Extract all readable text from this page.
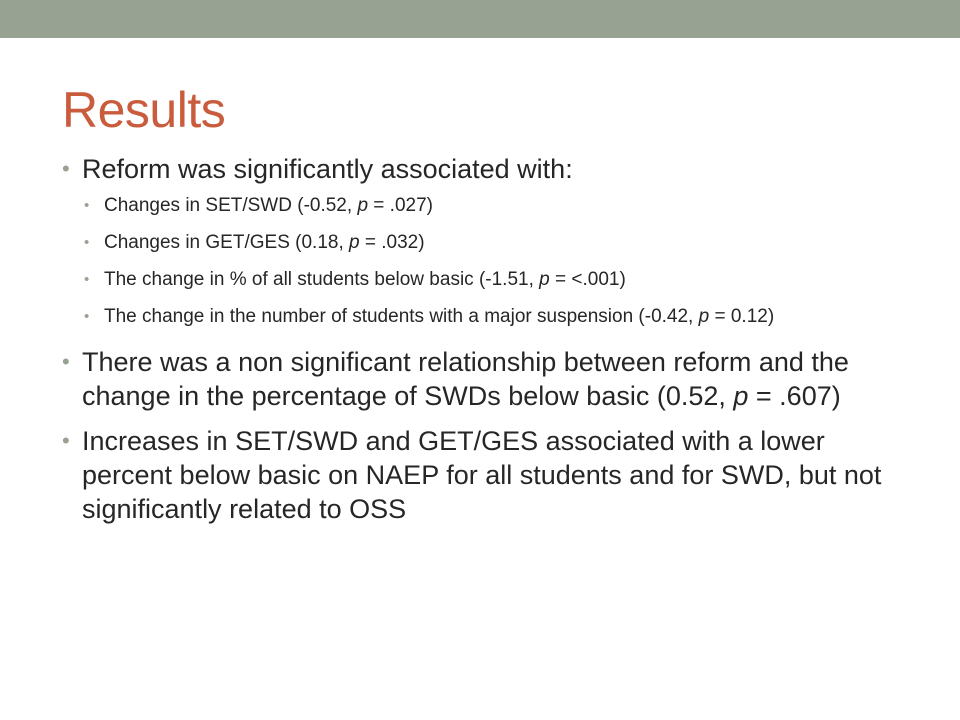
Results
• Reform was significantly associated with:
• Changes in SET/SWD (-0.52, p = .027)
• Changes in GET/GES (0.18, p = .032)
• The change in % of all students below basic (-1.51, p = <.001)
• The change in the number of students with a major suspension (-0.42, p = 0.12)
• There was a non significant relationship between reform and the change in the percentage of SWDs below basic (0.52, p = .607)
• Increases in SET/SWD and GET/GES associated with a lower percent below basic on NAEP for all students and for SWD, but not significantly related to OSS
